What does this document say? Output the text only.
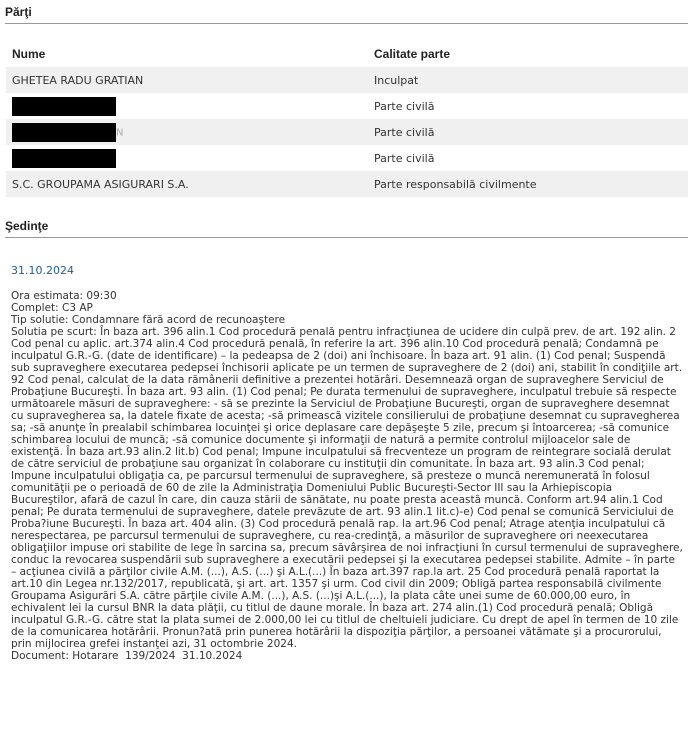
Părţi
Nume	Calitate parte
GHETEA RADU GRATIAN	Inculpat
	Parte civilă
N	Parte civilă
	Parte civilă
S.C. GROUPAMA ASIGURARI S.A.	Parte responsabilă civilmente
Şedinţe
31.10.2024
Ora estimata: 09:30
Complet: C3 AP
Tip solutie: Condamnare fără acord de recunoaştere
Solutia pe scurt: În baza art. 396 alin.1 Cod procedură penală pentru infracţiunea de ucidere din culpă prev. de art. 192 alin. 2
Cod penal cu aplic. art.374 alin.4 Cod procedură penală, în referire la art. 396 alin.10 Cod procedură penală; Condamnă pe
inculpatul G.R.-G. (date de identificare) – la pedeapsa de 2 (doi) ani închisoare. În baza art. 91 alin. (1) Cod penal; Suspendă
sub supraveghere executarea pedepsei închisorii aplicate pe un termen de supraveghere de 2 (doi) ani, stabilit în condiţiile art.
92 Cod penal, calculat de la data rămânerii definitive a prezentei hotărâri. Desemnează organ de supraveghere Serviciul de
Probaţiune Bucureşti. În baza art. 93 alin. (1) Cod penal; Pe durata termenului de supraveghere, inculpatul trebuie să respecte
următoarele măsuri de supraveghere: - să se prezinte la Serviciul de Probaţiune Bucureşti, organ de supraveghere desemnat
cu supravegherea sa, la datele fixate de acesta; -să primească vizitele consilierului de probaţiune desemnat cu supravegherea
sa; -să anunţe în prealabil schimbarea locuinţei şi orice deplasare care depăşeşte 5 zile, precum şi întoarcerea; -să comunice
schimbarea locului de muncă; -să comunice documente şi informaţii de natură a permite controlul mijloacelor sale de
existenţă. În baza art.93 alin.2 lit.b) Cod penal; Impune inculpatului să frecventeze un program de reintegrare socială derulat
de către serviciul de probaţiune sau organizat în colaborare cu instituţii din comunitate. În baza art. 93 alin.3 Cod penal;
Impune inculpatului obligaţia ca, pe parcursul termenului de supraveghere, să presteze o muncă neremunerată în folosul
comunităţii pe o perioadă de 60 de zile la Administraţia Domeniului Public Bucureşti-Sector III sau la Arhiepiscopia
Bucureştilor, afară de cazul în care, din cauza stării de sănătate, nu poate presta această muncă. Conform art.94 alin.1 Cod
penal; Pe durata termenului de supraveghere, datele prevăzute de art. 93 alin.1 lit.c)-e) Cod penal se comunică Serviciului de
Proba?iune Bucureşti. În baza art. 404 alin. (3) Cod procedură penală rap. la art.96 Cod penal; Atrage atenţia inculpatului că
nerespectarea, pe parcursul termenului de supraveghere, cu rea-credinţă, a măsurilor de supraveghere ori neexecutarea
obligaţiilor impuse ori stabilite de lege în sarcina sa, precum săvârşirea de noi infracţiuni în cursul termenului de supraveghere,
conduc la revocarea suspendării sub supraveghere a executării pedepsei şi la executarea pedepsei stabilite. Admite – în parte
– acţiunea civilă a părţilor civile A.M. (...), A.S. (...) şi A.L.(...) În baza art.397 rap.la art. 25 Cod procedură penală raportat la
art.10 din Legea nr.132/2017, republicată, şi art. art. 1357 şi urm. Cod civil din 2009; Obligă partea responsabilă civilmente
Groupama Asigurări S.A. către părţile civile A.M. (...), A.S. (...)şi A.L.(...), la plata câte unei sume de 60.000,00 euro, în
echivalent lei la cursul BNR la data plăţii, cu titlul de daune morale. În baza art. 274 alin.(1) Cod procedură penală; Obligă
inculpatul G.R.-G. către stat la plata sumei de 2.000,00 lei cu titlul de cheltuieli judiciare. Cu drept de apel în termen de 10 zile
de la comunicarea hotărârii. Pronun?ată prin punerea hotărârii la dispoziţia părţilor, a persoanei vătămate şi a procurorului,
prin mijlocirea grefei instanţei azi, 31 octombrie 2024.
Document: Hotarare 139/2024 31.10.2024
